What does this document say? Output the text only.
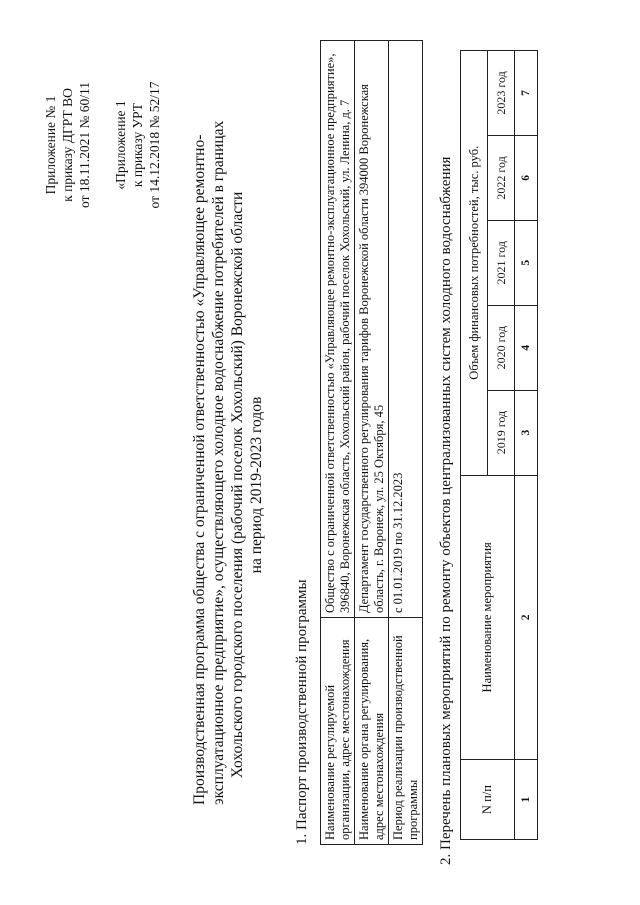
Приложение № 1 к приказу ДГРТ ВО от 18.11.2021 № 60/11 «Приложение 1 к приказу УРТ от 14.12.2018 № 52/17 Производственная программа общества с ограниченной ответственностью «Управляющее ремонтно- эксплуатационное предприятие», осуществляющего холодное водоснабжение потребителей в границах Хохольского городского поселения (рабочий поселок Хохольский) Воронежской области на период 2019-2023 годов
1. Паспорт производственной программы Наименование регулируемой организации, адрес местонахождения	Общество с ограниченной ответственностью «Управляющее ремонтно-эксплуатационное предприятие», 396840, Воронежская область, Хохольский район, рабочий поселок Хохольский, ул. Ленина, д. 7
Наименование органа регулирования, адрес местонахождения	Департамент государственного регулирования тарифов Воронежской области 394000 Воронежская область, г. Воронеж, ул. 25 Октября, 45
Период реализации производственной программы	с 01.01.2019 по 31.12.2023 2. Перечень плановых мероприятий по ремонту объектов централизованных систем холодного водоснабжения N п/п	Наименование мероприятия	Объем финансовых потребностей, тыс. руб.				
		2019 год	2020 год	2021 год	2022 год	2023 год
1	2	3	4	5	6	7
